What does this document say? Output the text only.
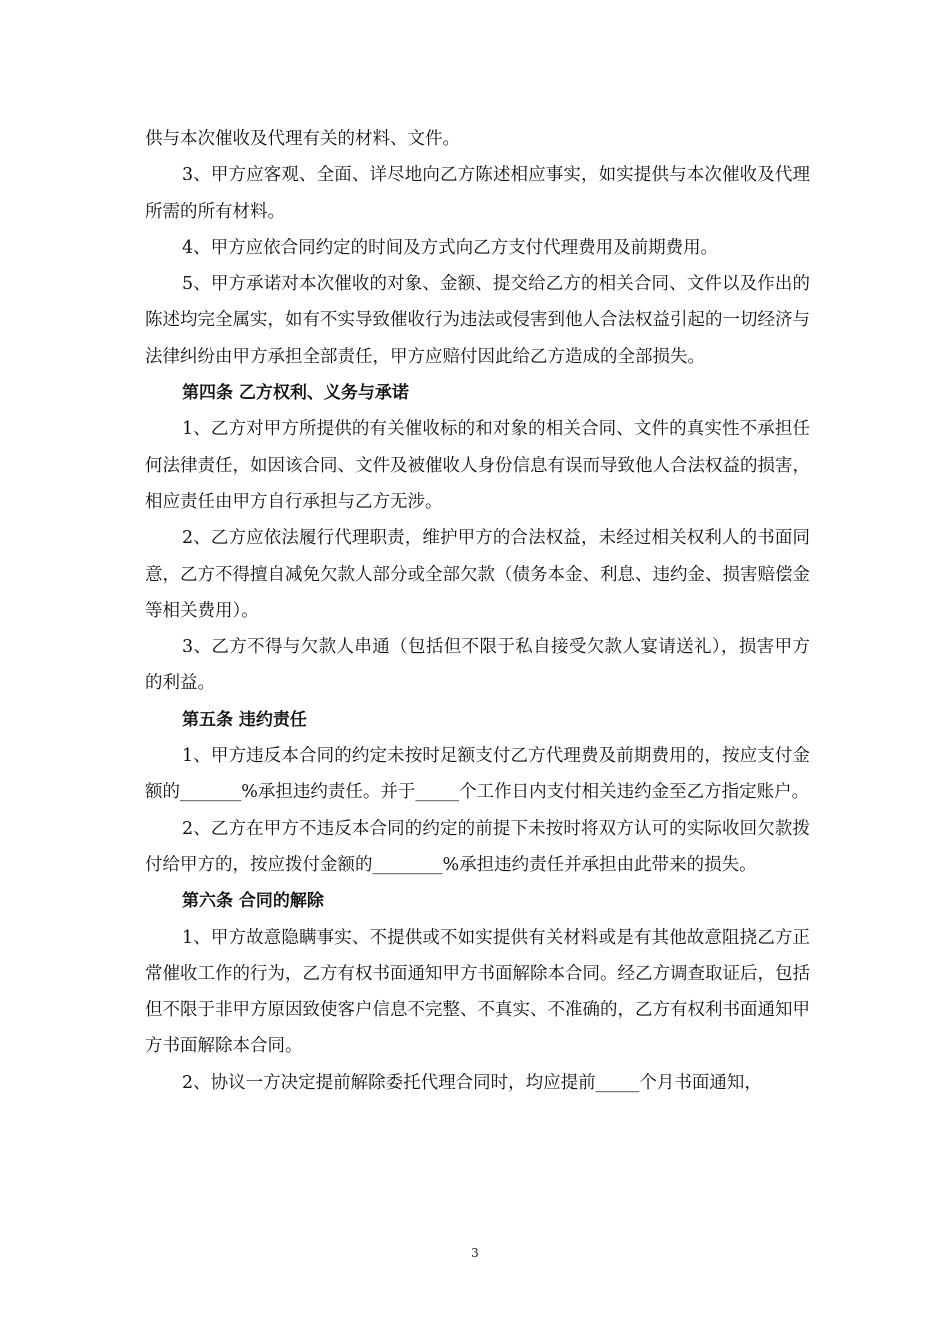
供与本次催收及代理有关的材料、文件。

3、甲方应客观、全面、详尽地向乙方陈述相应事实，如实提供与本次催收及代理所需的所有材料。

4、甲方应依合同约定的时间及方式向乙方支付代理费用及前期费用。

5、甲方承诺对本次催收的对象、金额、提交给乙方的相关合同、文件以及作出的陈述均完全属实，如有不实导致催收行为违法或侵害到他人合法权益引起的一切经济与法律纠纷由甲方承担全部责任，甲方应赔付因此给乙方造成的全部损失。

第四条 乙方权利、义务与承诺

1、乙方对甲方所提供的有关催收标的和对象的相关合同、文件的真实性不承担任何法律责任，如因该合同、文件及被催收人身份信息有误而导致他人合法权益的损害，相应责任由甲方自行承担与乙方无涉。

2、乙方应依法履行代理职责，维护甲方的合法权益，未经过相关权利人的书面同意，乙方不得擅自减免欠款人部分或全部欠款（债务本金、利息、违约金、损害赔偿金等相关费用）。

3、乙方不得与欠款人串通（包括但不限于私自接受欠款人宴请送礼），损害甲方的利益。

第五条 违约责任

1、甲方违反本合同的约定未按时足额支付乙方代理费及前期费用的，按应支付金额的_______%承担违约责任。并于_____个工作日内支付相关违约金至乙方指定账户。

2、乙方在甲方不违反本合同的约定的前提下未按时将双方认可的实际收回欠款拨付给甲方的，按应拨付金额的________%承担违约责任并承担由此带来的损失。

第六条 合同的解除

1、甲方故意隐瞒事实、不提供或不如实提供有关材料或是有其他故意阻挠乙方正常催收工作的行为，乙方有权书面通知甲方书面解除本合同。经乙方调查取证后，包括但不限于非甲方原因致使客户信息不完整、不真实、不准确的，乙方有权利书面通知甲方书面解除本合同。

2、协议一方决定提前解除委托代理合同时，均应提前_____个月书面通知，

3
